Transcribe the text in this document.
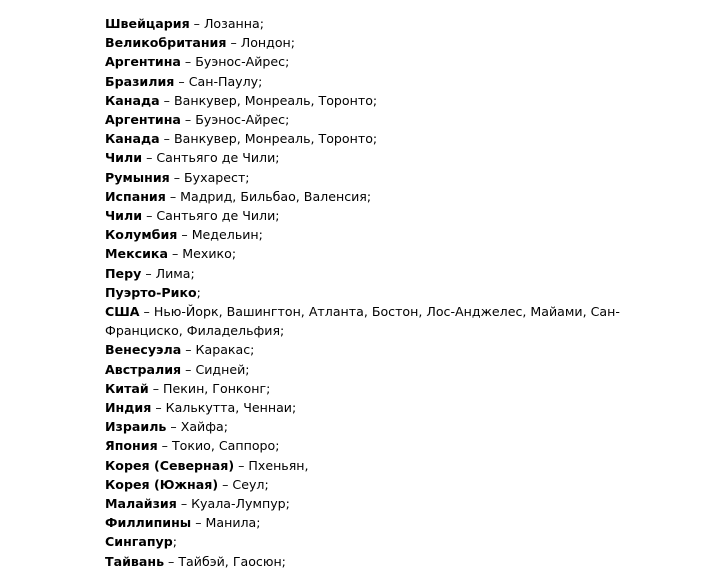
Швейцария – Лозанна;
Великобритания – Лондон;
Аргентина – Буэнос-Айрес;
Бразилия – Сан-Паулу;
Канада – Ванкувер, Монреаль, Торонто;
Аргентина – Буэнос-Айрес;
Канада – Ванкувер, Монреаль, Торонто;
Чили – Сантьяго де Чили;
Румыния – Бухарест;
Испания – Мадрид, Бильбао, Валенсия;
Чили – Сантьяго де Чили;
Колумбия – Медельин;
Мексика – Мехико;
Перу – Лима;
Пуэрто-Рико;
США – Нью-Йорк, Вашингтон, Атланта, Бостон, Лос-Анджелес, Майами, Сан-Франциско, Филадельфия;
Венесуэла – Каракас;
Австралия – Сидней;
Китай – Пекин, Гонконг;
Индия – Калькутта, Ченнаи;
Израиль – Хайфа;
Япония – Токио, Саппоро;
Корея (Северная) – Пхеньян,
Корея (Южная) – Сеул;
Малайзия – Куала-Лумпур;
Филлипины – Манила;
Сингапур;
Тайвань – Тайбэй, Гаосюн;
